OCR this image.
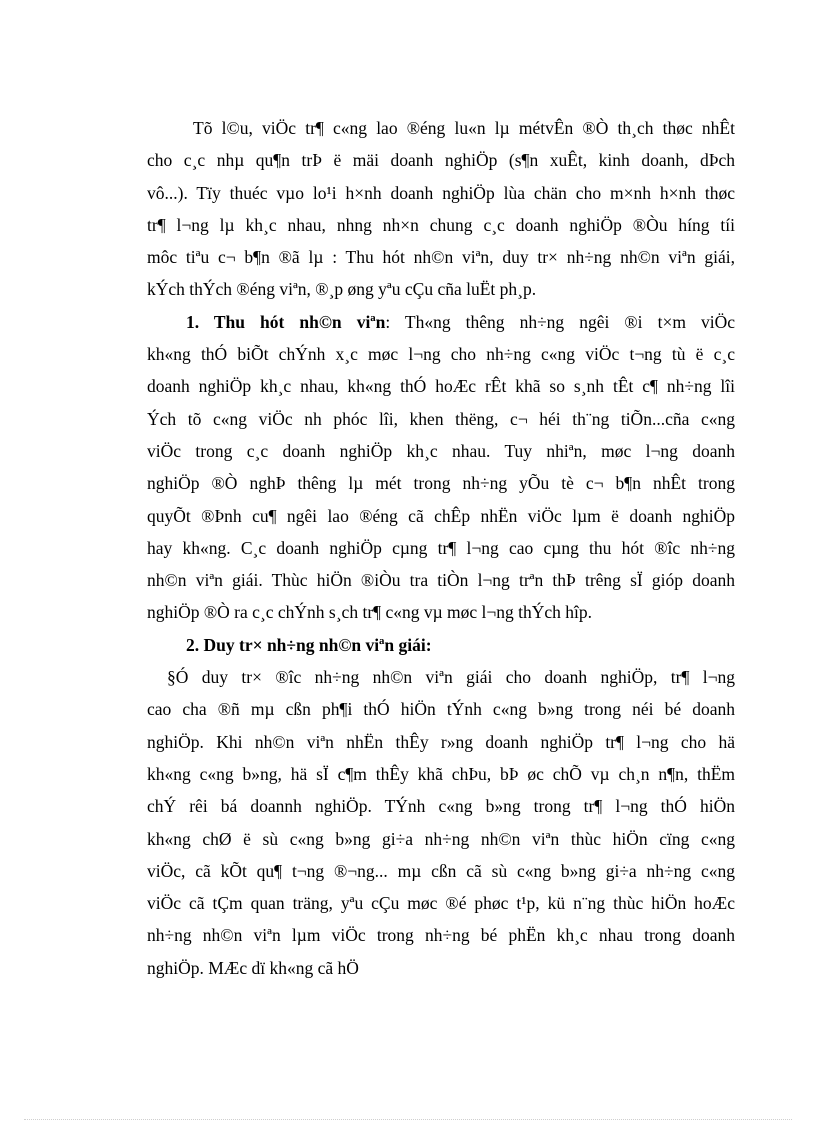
Tõ l©u, viÖc tr¶ c«ng lao ®éng lu«n lµ métvÊn ®Ò th¸ch thøc nhÊt
cho c¸c nhµ qu¶n trÞ ë mäi doanh nghiÖp (s¶n xuÊt, kinh doanh, dÞch
vô...). Tïy thuéc vµo lo¹i h×nh doanh nghiÖp lùa chän cho m×nh h×nh thøc
tr¶ l¬ng lµ kh¸c nhau, nhng nh×n chung c¸c doanh nghiÖp ®Òu híng tíi
môc tiªu c¬ b¶n ®ã lµ : Thu hót nh©n viªn, duy tr× nh÷ng nh©n viªn giái,
kÝch thÝch ®éng viªn, ®¸p øng yªu cÇu cña luËt ph¸p.
1. Thu hót nh©n viªn: Th«ng thêng nh÷ng ngêi ®i t×m viÖc
kh«ng thÓ biÕt chÝnh x¸c møc l¬ng cho nh÷ng c«ng viÖc t¬ng tù ë c¸c
doanh nghiÖp kh¸c nhau, kh«ng thÓ hoÆc rÊt khã so s¸nh tÊt c¶ nh÷ng lîi
Ých tõ c«ng viÖc nh phóc lîi, khen thëng, c¬ héi th¨ng tiÕn...cña c«ng
viÖc trong c¸c doanh nghiÖp kh¸c nhau. Tuy nhiªn, møc l¬ng doanh
nghiÖp ®Ò nghÞ thêng lµ mét trong nh÷ng yÕu tè c¬ b¶n nhÊt trong
quyÕt ®Þnh cu¶ ngêi lao ®éng cã chÊp nhËn viÖc lµm ë doanh nghiÖp
hay kh«ng. C¸c doanh nghiÖp cµng tr¶ l¬ng cao cµng thu hót ®îc nh÷ng
nh©n viªn giái. Thùc hiÖn ®iÒu tra tiÒn l¬ng trªn thÞ trêng sÏ gióp doanh
nghiÖp ®Ò ra c¸c chÝnh s¸ch tr¶ c«ng vµ møc l¬ng thÝch hîp.
2. Duy tr× nh÷ng nh©n viªn giái:
§Ó duy tr× ®îc nh÷ng nh©n viªn giái cho doanh nghiÖp, tr¶ l¬ng
cao cha ®ñ mµ cßn ph¶i thÓ hiÖn tÝnh c«ng b»ng trong néi bé doanh
nghiÖp. Khi nh©n viªn nhËn thÊy r»ng doanh nghiÖp tr¶ l¬ng cho hä
kh«ng c«ng b»ng, hä sÏ c¶m thÊy khã chÞu, bÞ øc chÕ vµ ch¸n n¶n, thËm
chÝ rêi bá doannh nghiÖp. TÝnh c«ng b»ng trong tr¶ l¬ng thÓ hiÖn
kh«ng chØ ë sù c«ng b»ng gi÷a nh÷ng nh©n viªn thùc hiÖn cïng c«ng
viÖc, cã kÕt qu¶ t¬ng ®¬ng... mµ cßn cã sù c«ng b»ng gi÷a nh÷ng c«ng
viÖc cã tÇm quan träng, yªu cÇu møc ®é phøc t¹p, kü n¨ng thùc hiÖn hoÆc
nh÷ng nh©n viªn lµm viÖc trong nh÷ng bé phËn kh¸c nhau trong doanh
nghiÖp. MÆc dï kh«ng cã hÖ
